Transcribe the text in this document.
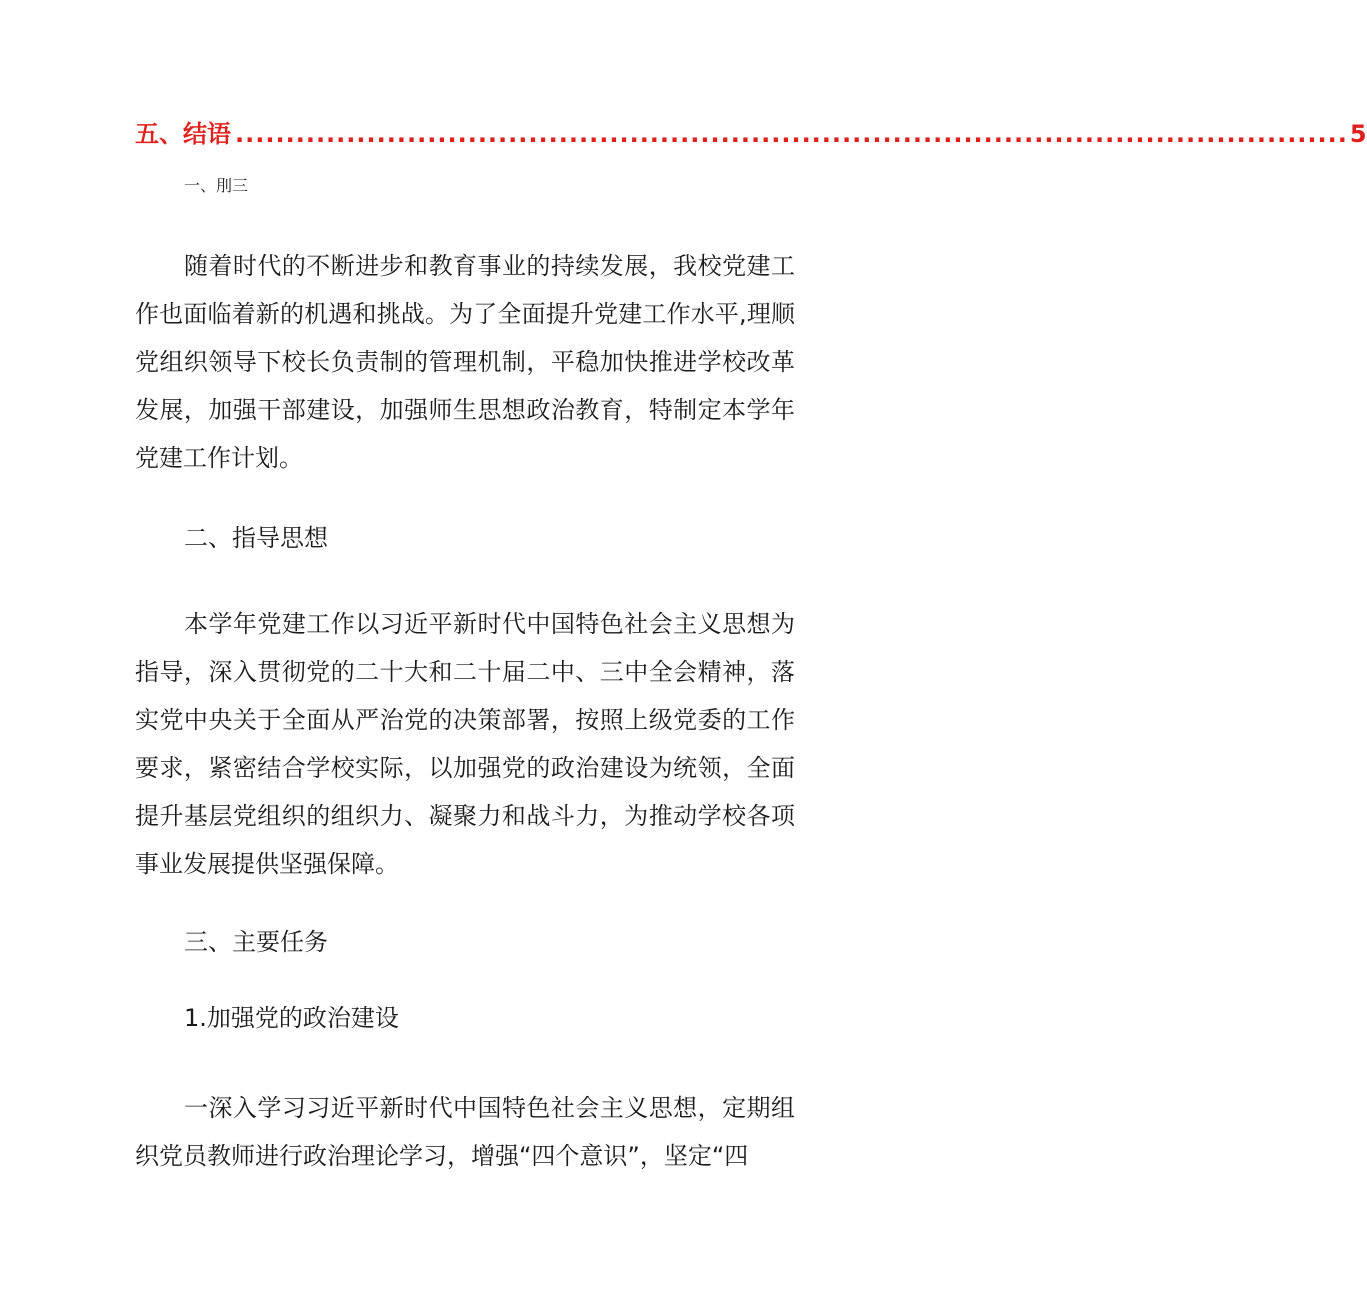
五、结语 .............................................................................................................. 5
一、刖三

随着时代的不断进步和教育事业的持续发展，我校党建工作也面临着新的机遇和挑战。为了全面提升党建工作水平,理顺党组织领导下校长负责制的管理机制，平稳加快推进学校改革发展，加强干部建设，加强师生思想政治教育，特制定本学年党建工作计划。

二、指导思想

本学年党建工作以习近平新时代中国特色社会主义思想为指导，深入贯彻党的二十大和二十届二中、三中全会精神，落实党中央关于全面从严治党的决策部署，按照上级党委的工作要求，紧密结合学校实际，以加强党的政治建设为统领，全面提升基层党组织的组织力、凝聚力和战斗力，为推动学校各项事业发展提供坚强保障。

三、主要任务

1.加强党的政治建设

一深入学习习近平新时代中国特色社会主义思想，定期组织党员教师进行政治理论学习，增强“四个意识”，坚定“四
